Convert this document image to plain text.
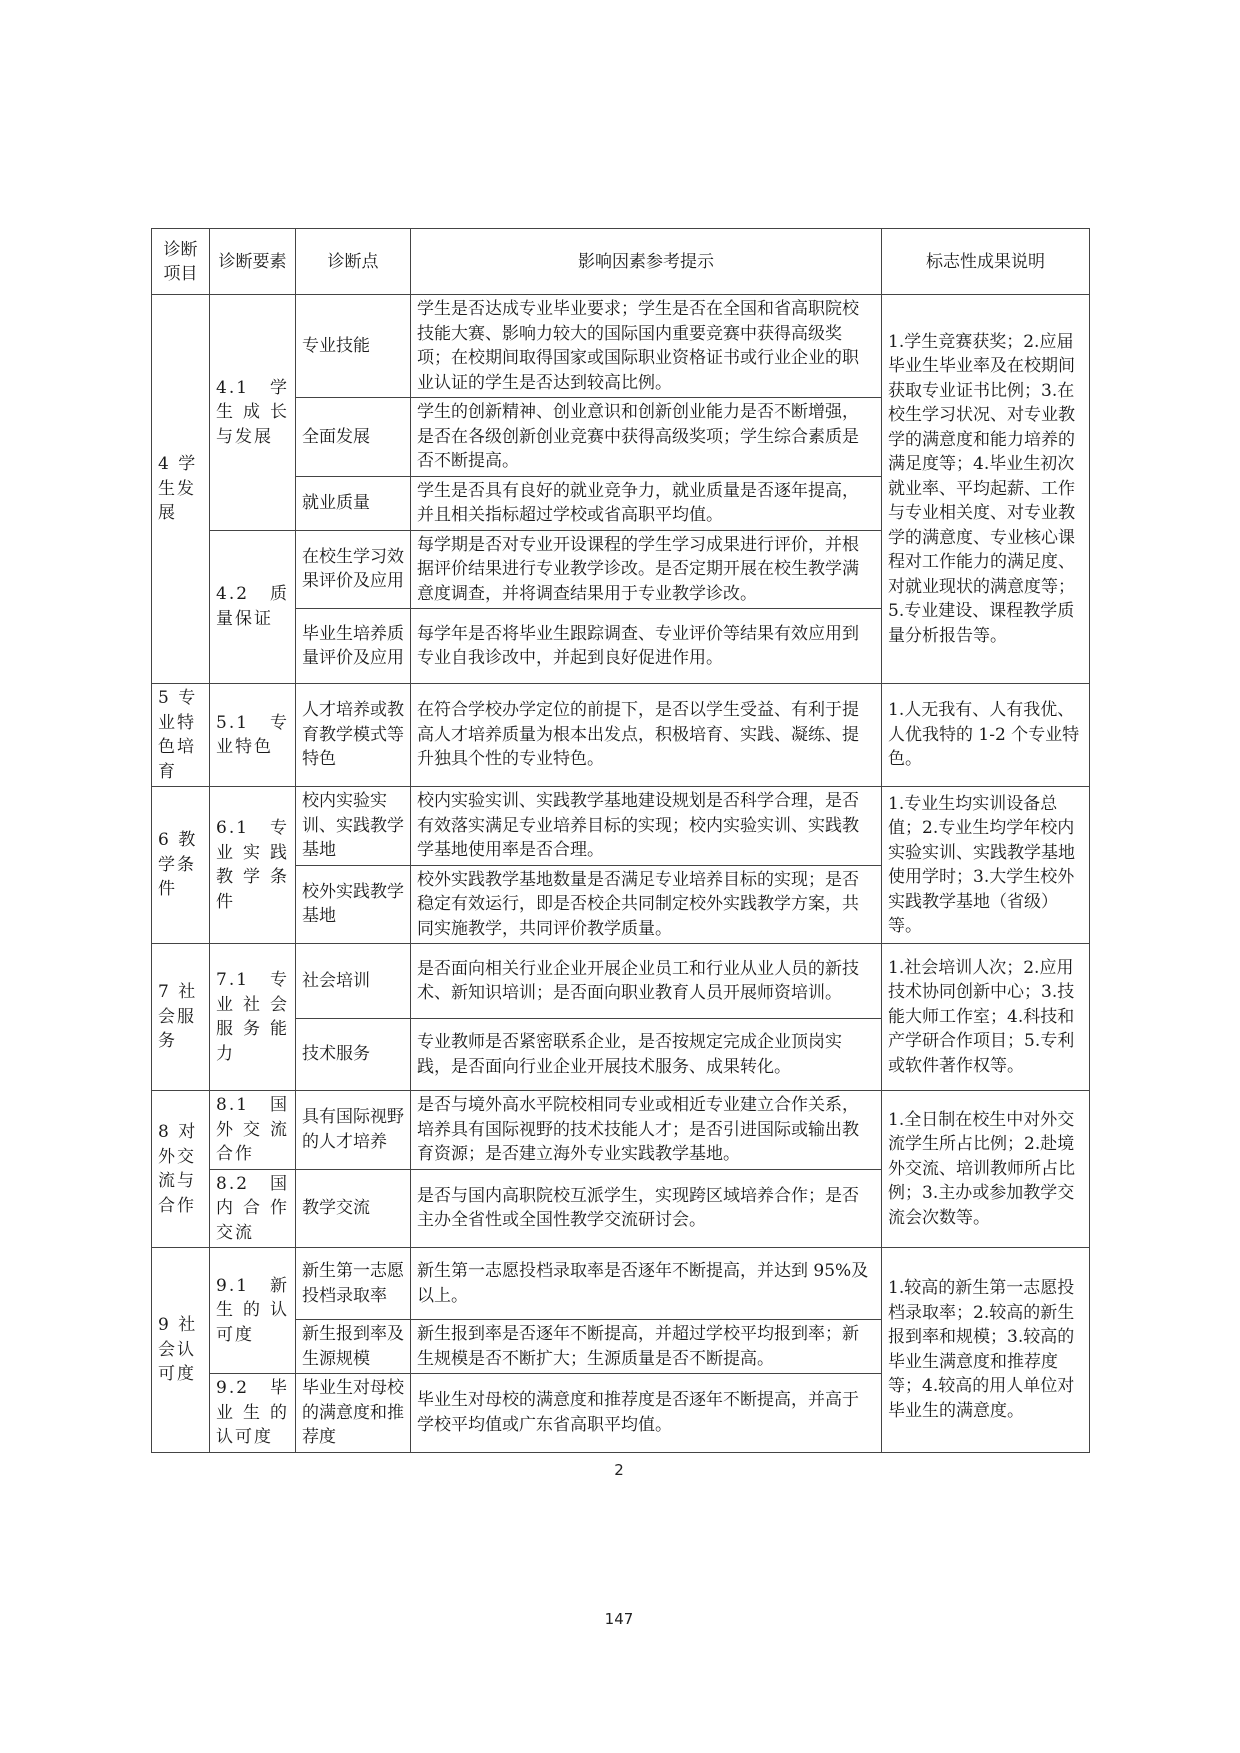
诊断项目	诊断要素	诊断点	影响因素参考提示	标志性成果说明
4 学生发展	4.1 学生成长与发展	专业技能	学生是否达成专业毕业要求；学生是否在全国和省高职院校技能大赛、影响力较大的国际国内重要竞赛中获得高级奖项；在校期间取得国家或国际职业资格证书或行业企业的职业认证的学生是否达到较高比例。	1.学生竞赛获奖；2.应届毕业生毕业率及在校期间获取专业证书比例；3.在校生学习状况、对专业教学的满意度和能力培养的满足度等；4.毕业生初次就业率、平均起薪、工作与专业相关度、对专业教学的满意度、专业核心课程对工作能力的满足度、对就业现状的满意度等；5.专业建设、课程教学质量分析报告等。
		全面发展	学生的创新精神、创业意识和创新创业能力是否不断增强，是否在各级创新创业竞赛中获得高级奖项；学生综合素质是否不断提高。	
		就业质量	学生是否具有良好的就业竞争力，就业质量是否逐年提高，并且相关指标超过学校或省高职平均值。	
	4.2 质量保证	在校生学习效果评价及应用	每学期是否对专业开设课程的学生学习成果进行评价，并根据评价结果进行专业教学诊改。是否定期开展在校生教学满意度调查，并将调查结果用于专业教学诊改。	
		毕业生培养质量评价及应用	每学年是否将毕业生跟踪调查、专业评价等结果有效应用到专业自我诊改中，并起到良好促进作用。	
5 专业特色培育	5.1 专业特色	人才培养或教育教学模式等特色	在符合学校办学定位的前提下，是否以学生受益、有利于提高人才培养质量为根本出发点，积极培育、实践、凝练、提升独具个性的专业特色。	1.人无我有、人有我优、人优我特的 1-2 个专业特色。
6 教学条件	6.1 专业实践教学条件	校内实验实训、实践教学基地	校内实验实训、实践教学基地建设规划是否科学合理，是否有效落实满足专业培养目标的实现；校内实验实训、实践教学基地使用率是否合理。	1.专业生均实训设备总值；2.专业生均学年校内实验实训、实践教学基地使用学时；3.大学生校外实践教学基地（省级）等。
		校外实践教学基地	校外实践教学基地数量是否满足专业培养目标的实现；是否稳定有效运行，即是否校企共同制定校外实践教学方案，共同实施教学，共同评价教学质量。	
7 社会服务	7.1 专业社会服务能力	社会培训	是否面向相关行业企业开展企业员工和行业从业人员的新技术、新知识培训；是否面向职业教育人员开展师资培训。	1.社会培训人次；2.应用技术协同创新中心；3.技能大师工作室；4.科技和产学研合作项目；5.专利或软件著作权等。
		技术服务	专业教师是否紧密联系企业，是否按规定完成企业顶岗实践，是否面向行业企业开展技术服务、成果转化。	
8 对外交流与合作	8.1 国外交流合作	具有国际视野的人才培养	是否与境外高水平院校相同专业或相近专业建立合作关系，培养具有国际视野的技术技能人才；是否引进国际或输出教育资源；是否建立海外专业实践教学基地。	1.全日制在校生中对外交流学生所占比例；2.赴境外交流、培训教师所占比例；3.主办或参加教学交流会次数等。
	8.2 国内合作交流	教学交流	是否与国内高职院校互派学生，实现跨区域培养合作；是否主办全省性或全国性教学交流研讨会。	
9 社会认可度	9.1 新生的认可度	新生第一志愿投档录取率	新生第一志愿投档录取率是否逐年不断提高，并达到 95%及以上。	1.较高的新生第一志愿投档录取率；2.较高的新生报到率和规模；3.较高的毕业生满意度和推荐度等；4.较高的用人单位对毕业生的满意度。
		新生报到率及生源规模	新生报到率是否逐年不断提高，并超过学校平均报到率；新生规模是否不断扩大；生源质量是否不断提高。	
	9.2 毕业生的认可度	毕业生对母校的满意度和推荐度	毕业生对母校的满意度和推荐度是否逐年不断提高，并高于学校平均值或广东省高职平均值。	
2
147
